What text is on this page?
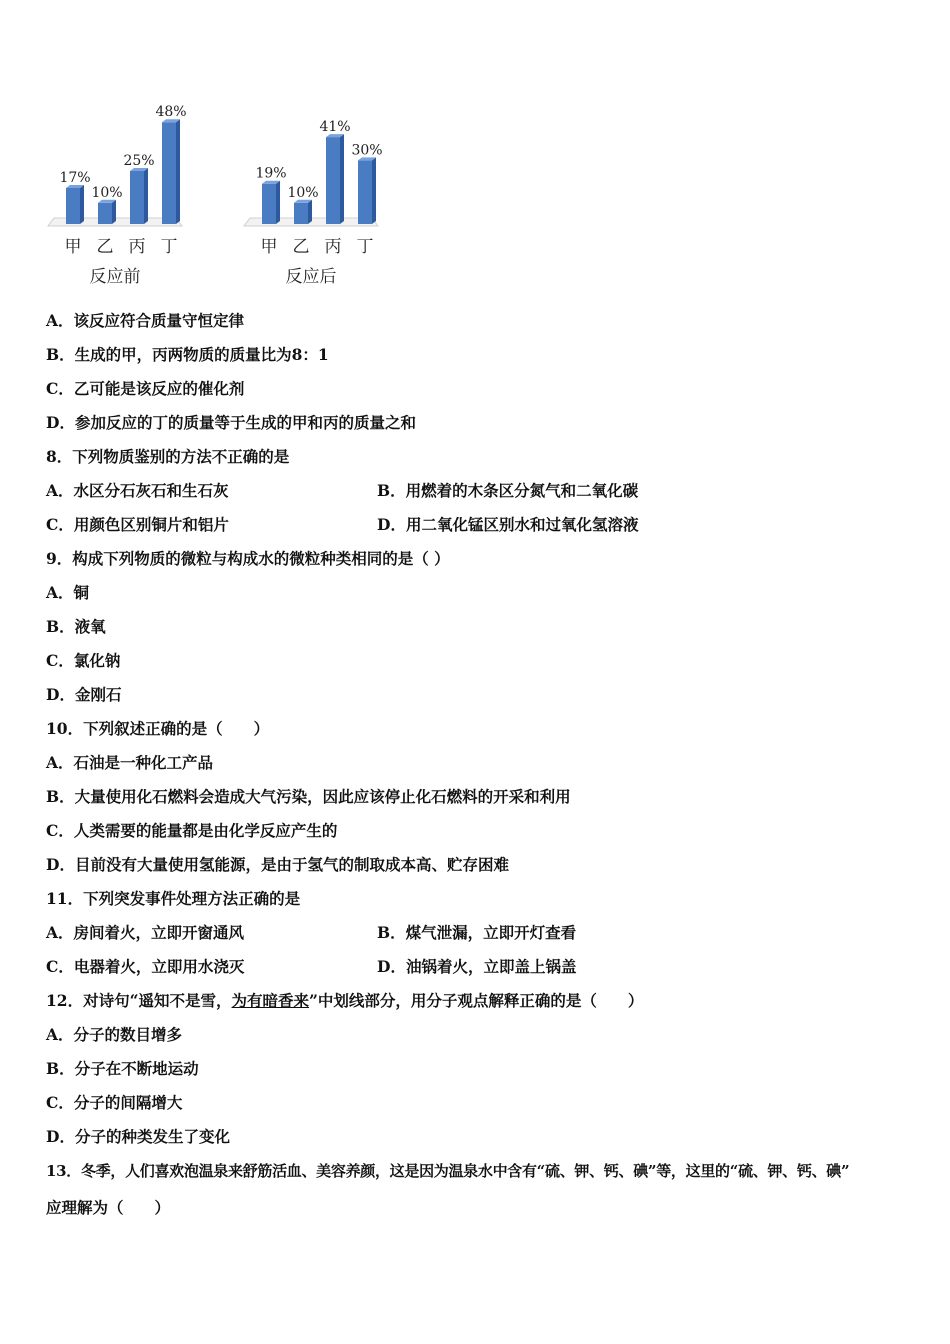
17%
甲
10%
乙
25%
丙
48%
丁
反应前
19%
甲
10%
乙
41%
丙
30%
丁
反应后
A．该反应符合质量守恒定律
B．生成的甲，丙两物质的质量比为8：1
C．乙可能是该反应的催化剂
D．参加反应的丁的质量等于生成的甲和丙的质量之和
8．下列物质鉴别的方法不正确的是
A．水区分石灰石和生石灰	B．用燃着的木条区分氮气和二氧化碳
C．用颜色区别铜片和铝片	D．用二氧化锰区别水和过氧化氢溶液
9．构成下列物质的微粒与构成水的微粒种类相同的是（ ）
A．铜
B．液氧
C．氯化钠
D．金刚石
10．下列叙述正确的是（　　）
A．石油是一种化工产品
B．大量使用化石燃料会造成大气污染，因此应该停止化石燃料的开采和利用
C．人类需要的能量都是由化学反应产生的
D．目前没有大量使用氢能源，是由于氢气的制取成本高、贮存困难
11．下列突发事件处理方法正确的是
A．房间着火，立即开窗通风	B．煤气泄漏，立即开灯查看
C．电器着火，立即用水浇灭	D．油锅着火，立即盖上锅盖
12．对诗句“遥知不是雪，为有暗香来”中划线部分，用分子观点解释正确的是（　　）
A．分子的数目增多
B．分子在不断地运动
C．分子的间隔增大
D．分子的种类发生了变化
13．冬季，人们喜欢泡温泉来舒筋活血、美容养颜，这是因为温泉水中含有“硫、钾、钙、碘”等，这里的“硫、钾、钙、碘”
应理解为（　　）
